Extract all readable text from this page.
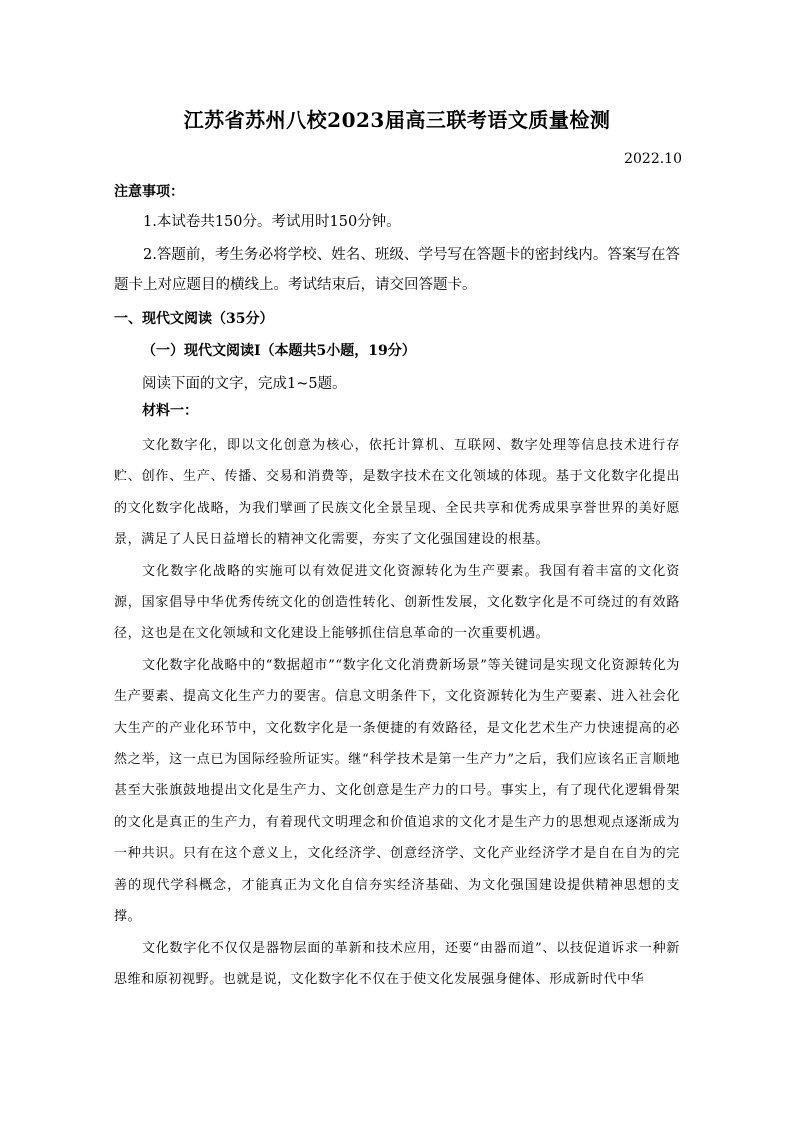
江苏省苏州八校2023届高三联考语文质量检测
2022.10
注意事项：
1.本试卷共150分。考试用时150分钟。
2.答题前，考生务必将学校、姓名、班级、学号写在答题卡的密封线内。答案写在答题卡上对应题目的横线上。考试结束后，请交回答题卡。
一、现代文阅读（35分）
（一）现代文阅读Ⅰ（本题共5小题，19分）
阅读下面的文字，完成1~5题。
材料一：

文化数字化，即以文化创意为核心，依托计算机、互联网、数字处理等信息技术进行存贮、创作、生产、传播、交易和消费等，是数字技术在文化领域的体现。基于文化数字化提出的文化数字化战略，为我们擘画了民族文化全景呈现、全民共享和优秀成果享誉世界的美好愿景，满足了人民日益增长的精神文化需要，夯实了文化强国建设的根基。

文化数字化战略的实施可以有效促进文化资源转化为生产要素。我国有着丰富的文化资源，国家倡导中华优秀传统文化的创造性转化、创新性发展，文化数字化是不可绕过的有效路径，这也是在文化领域和文化建设上能够抓住信息革命的一次重要机遇。

文化数字化战略中的“数据超市”“数字化文化消费新场景”等关键词是实现文化资源转化为生产要素、提高文化生产力的要害。信息文明条件下，文化资源转化为生产要素、进入社会化大生产的产业化环节中，文化数字化是一条便捷的有效路径，是文化艺术生产力快速提高的必然之举，这一点已为国际经验所证实。继“科学技术是第一生产力”之后，我们应该名正言顺地甚至大张旗鼓地提出文化是生产力、文化创意是生产力的口号。事实上，有了现代化逻辑骨架的文化是真正的生产力，有着现代文明理念和价值追求的文化才是生产力的思想观点逐渐成为一种共识。只有在这个意义上，文化经济学、创意经济学、文化产业经济学才是自在自为的完善的现代学科概念，才能真正为文化自信夯实经济基础、为文化强国建设提供精神思想的支撑。

文化数字化不仅仅是器物层面的革新和技术应用，还要“由器而道”、以技促道诉求一种新思维和原初视野。也就是说，文化数字化不仅在于使文化发展强身健体、形成新时代中华
